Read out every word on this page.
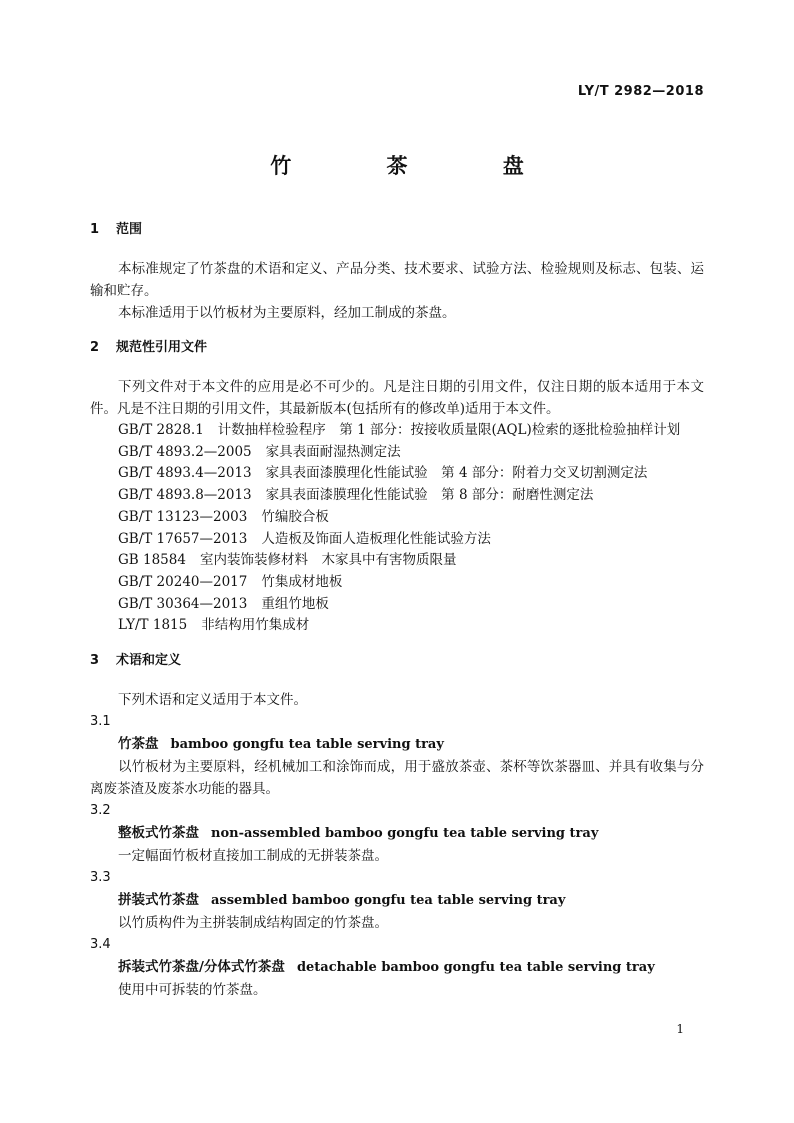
LY/T 2982—2018
竹 茶 盘
1 范围

本标准规定了竹茶盘的术语和定义、产品分类、技术要求、试验方法、检验规则及标志、包装、运输和贮存。

本标准适用于以竹板材为主要原料，经加工制成的茶盘。

2 规范性引用文件

下列文件对于本文件的应用是必不可少的。凡是注日期的引用文件，仅注日期的版本适用于本文件。凡是不注日期的引用文件，其最新版本(包括所有的修改单)适用于本文件。

GB/T 2828.1 计数抽样检验程序　第 1 部分：按接收质量限(AQL)检索的逐批检验抽样计划

GB/T 4893.2—2005 家具表面耐湿热测定法

GB/T 4893.4—2013 家具表面漆膜理化性能试验　第 4 部分：附着力交叉切割测定法

GB/T 4893.8—2013 家具表面漆膜理化性能试验　第 8 部分：耐磨性测定法

GB/T 13123—2003 竹编胶合板

GB/T 17657—2013 人造板及饰面人造板理化性能试验方法

GB 18584 室内装饰装修材料　木家具中有害物质限量

GB/T 20240—2017 竹集成材地板

GB/T 30364—2013 重组竹地板

LY/T 1815 非结构用竹集成材

3 术语和定义

下列术语和定义适用于本文件。

3.1

竹茶盘 bamboo gongfu tea table serving tray

以竹板材为主要原料，经机械加工和涂饰而成，用于盛放茶壶、茶杯等饮茶器皿、并具有收集与分离废茶渣及废茶水功能的器具。

3.2

整板式竹茶盘 non-assembled bamboo gongfu tea table serving tray

一定幅面竹板材直接加工制成的无拼装茶盘。

3.3

拼装式竹茶盘 assembled bamboo gongfu tea table serving tray

以竹质构件为主拼装制成结构固定的竹茶盘。

3.4

拆装式竹茶盘/分体式竹茶盘 detachable bamboo gongfu tea table serving tray

使用中可拆装的竹茶盘。

1
